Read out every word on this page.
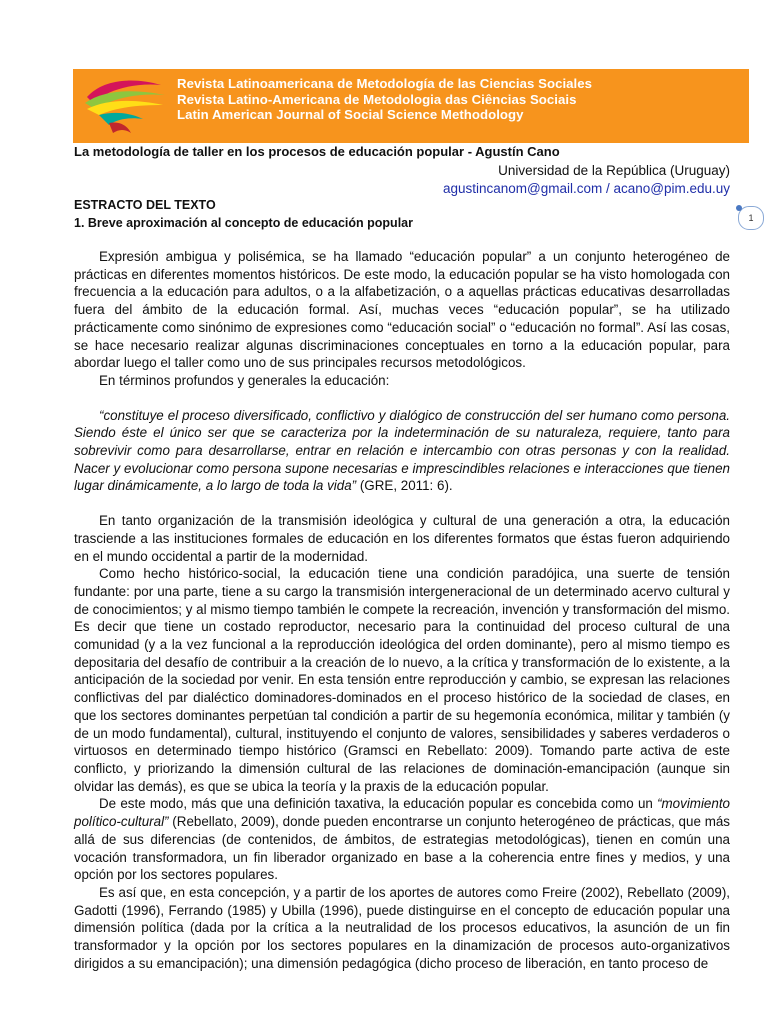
Revista Latinoamericana de Metodología de las Ciencias Sociales
Revista Latino-Americana de Metodologia das Ciências Sociais
Latin American Journal of Social Science Methodology
La metodología de taller en los procesos de educación popular - Agustín Cano
Universidad de la República (Uruguay)
agustincanom@gmail.com / acano@pim.edu.uy
ESTRACTO DEL TEXTO
1. Breve aproximación al concepto de educación popular	1

Expresión ambigua y polisémica, se ha llamado “educación popular” a un conjunto heterogéneo de prácticas en diferentes momentos históricos. De este modo, la educación popular se ha visto homologada con frecuencia a la educación para adultos, o a la alfabetización, o a aquellas prácticas educativas desarrolladas fuera del ámbito de la educación formal. Así, muchas veces “educación popular”, se ha utilizado prácticamente como sinónimo de expresiones como “educación social” o “educación no formal”. Así las cosas, se hace necesario realizar algunas discriminaciones conceptuales en torno a la educación popular, para abordar luego el taller como uno de sus principales recursos metodológicos.

En términos profundos y generales la educación:

“constituye el proceso diversificado, conflictivo y dialógico de construcción del ser humano como persona. Siendo éste el único ser que se caracteriza por la indeterminación de su naturaleza, requiere, tanto para sobrevivir como para desarrollarse, entrar en relación e intercambio con otras personas y con la realidad. Nacer y evolucionar como persona supone necesarias e imprescindibles relaciones e interacciones que tienen lugar dinámicamente, a lo largo de toda la vida” (GRE, 2011: 6).

En tanto organización de la transmisión ideológica y cultural de una generación a otra, la educación trasciende a las instituciones formales de educación en los diferentes formatos que éstas fueron adquiriendo en el mundo occidental a partir de la modernidad.

Como hecho histórico-social, la educación tiene una condición paradójica, una suerte de tensión fundante: por una parte, tiene a su cargo la transmisión intergeneracional de un determinado acervo cultural y de conocimientos; y al mismo tiempo también le compete la recreación, invención y transformación del mismo. Es decir que tiene un costado reproductor, necesario para la continuidad del proceso cultural de una comunidad (y a la vez funcional a la reproducción ideológica del orden dominante), pero al mismo tiempo es depositaria del desafío de contribuir a la creación de lo nuevo, a la crítica y transformación de lo existente, a la anticipación de la sociedad por venir. En esta tensión entre reproducción y cambio, se expresan las relaciones conflictivas del par dialéctico dominadores-dominados en el proceso histórico de la sociedad de clases, en que los sectores dominantes perpetúan tal condición a partir de su hegemonía económica, militar y también (y de un modo fundamental), cultural, instituyendo el conjunto de valores, sensibilidades y saberes verdaderos o virtuosos en determinado tiempo histórico (Gramsci en Rebellato: 2009). Tomando parte activa de este conflicto, y priorizando la dimensión cultural de las relaciones de dominación-emancipación (aunque sin olvidar las demás), es que se ubica la teoría y la praxis de la educación popular.

De este modo, más que una definición taxativa, la educación popular es concebida como un “movimiento político-cultural” (Rebellato, 2009), donde pueden encontrarse un conjunto heterogéneo de prácticas, que más allá de sus diferencias (de contenidos, de ámbitos, de estrategias metodológicas), tienen en común una vocación transformadora, un fin liberador organizado en base a la coherencia entre fines y medios, y una opción por los sectores populares.

Es así que, en esta concepción, y a partir de los aportes de autores como Freire (2002), Rebellato (2009), Gadotti (1996), Ferrando (1985) y Ubilla (1996), puede distinguirse en el concepto de educación popular una dimensión política (dada por la crítica a la neutralidad de los procesos educativos, la asunción de un fin transformador y la opción por los sectores populares en la dinamización de procesos auto-organizativos dirigidos a su emancipación); una dimensión pedagógica (dicho proceso de liberación, en tanto proceso de
